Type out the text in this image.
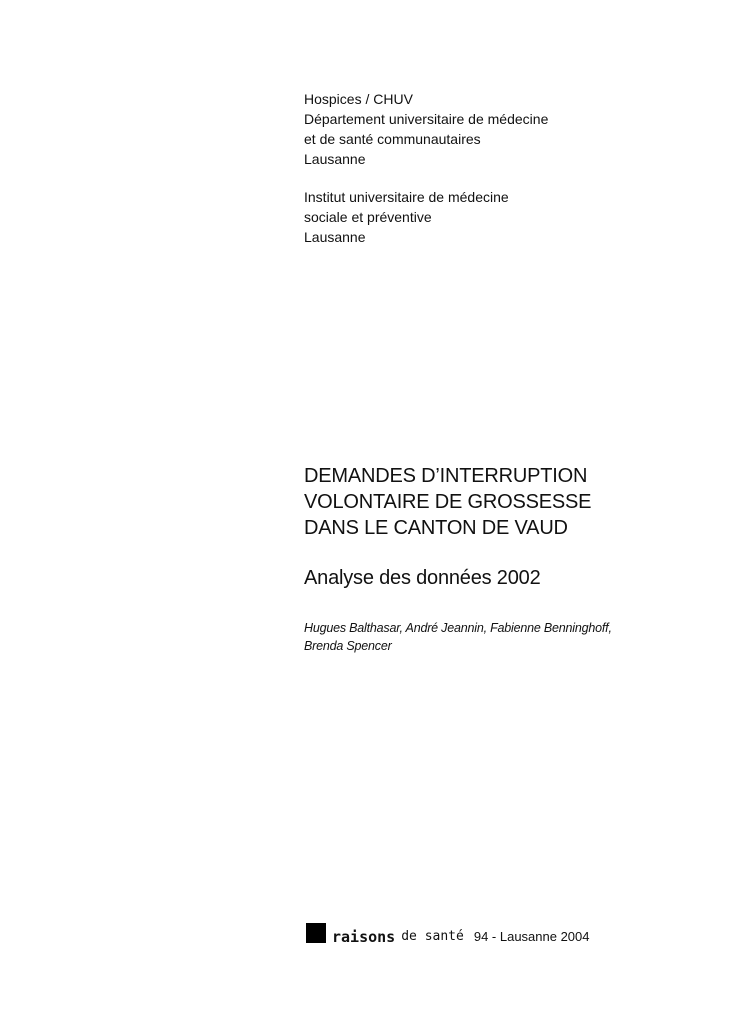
Hospices / CHUV
Département universitaire de médecine
et de santé communautaires
Lausanne
Institut universitaire de médecine
sociale et préventive
Lausanne
DEMANDES D’INTERRUPTION
VOLONTAIRE DE GROSSESSE
DANS LE CANTON DE VAUD
Analyse des données 2002
Hugues Balthasar, André Jeannin, Fabienne Benninghoff,
Brenda Spencer
raisons de santé 94 - Lausanne 2004
